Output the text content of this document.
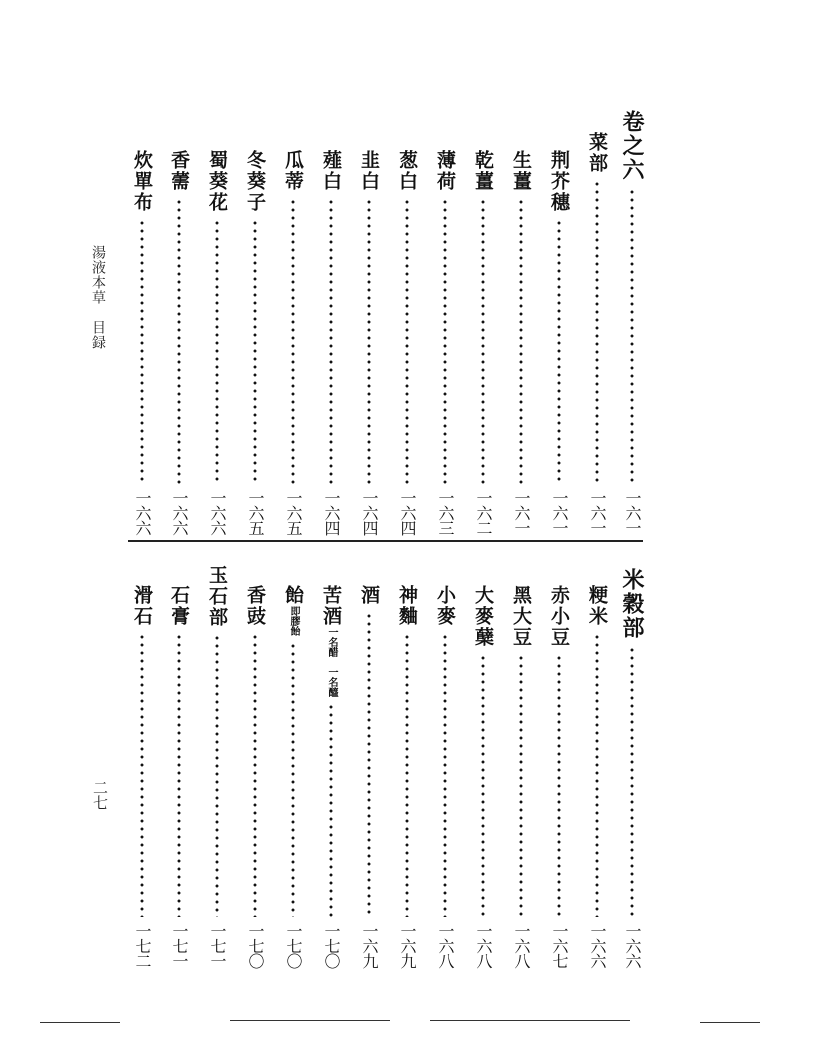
湯液本草　目録
二七
卷之六
一六一
菜部
一六一
荆芥穗
一六一
生薑
一六一
乾薑
一六二
薄荷
一六三
葱白
一六四
韭白
一六四
薤白
一六四
瓜蒂
一六五
冬葵子
一六五
蜀葵花
一六六
香薷
一六六
炊單布
一六六
米穀部
一六六
粳米
一六六
赤小豆
一六七
黑大豆
一六八
大麥蘖
一六八
小麥
一六八
神麯
一六九
酒
一六九
苦酒
一名醋　一名醯
一七〇
飴
即膠飴
一七〇
香豉
一七〇
玉
石部
一七一
石膏
一七一
滑石
一七二
